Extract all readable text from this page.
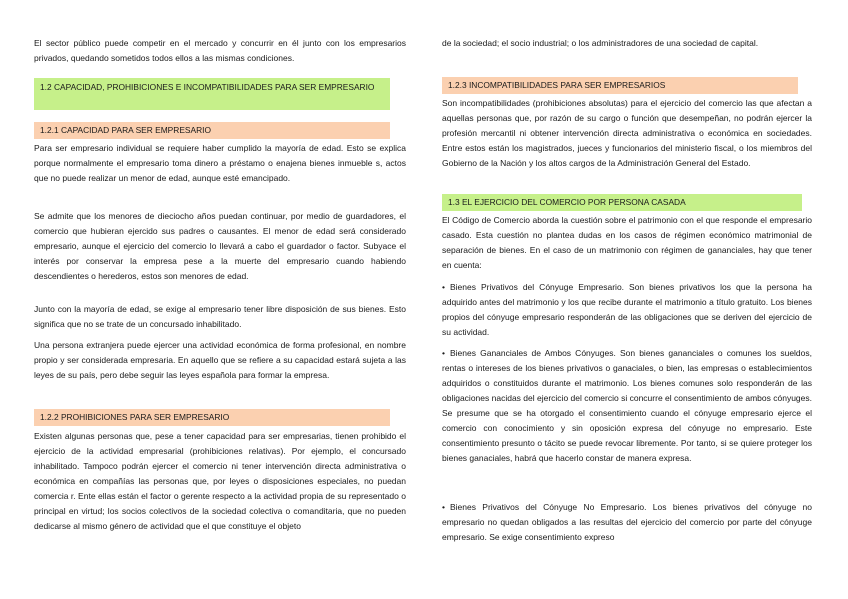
El sector público puede competir en el mercado y concurrir en él junto con los empresarios privados, quedando sometidos todos ellos a las mismas condiciones.

1.2 CAPACIDAD, PROHIBICIONES E INCOMPATIBILIDADES PARA SER EMPRESARIO
1.2.1 CAPACIDAD PARA SER EMPRESARIO

Para ser empresario individual se requiere haber cumplido la mayoría de edad. Esto se explica porque normalmente el empresario toma dinero a préstamo o enajena bienes inmueble s, actos que no puede realizar un menor de edad, aunque esté emancipado.

Se admite que los menores de dieciocho años puedan continuar, por medio de guardadores, el comercio que hubieran ejercido sus padres o causantes. El menor de edad será considerado empresario, aunque el ejercicio del comercio lo llevará a cabo el guardador o factor. Subyace el interés por conservar la empresa pese a la muerte del empresario cuando habiendo descendientes o herederos, estos son menores de edad.

Junto con la mayoría de edad, se exige al empresario tener libre disposición de sus bienes. Esto significa que no se trate de un concursado inhabilitado.

Una persona extranjera puede ejercer una actividad económica de forma profesional, en nombre propio y ser considerada empresaria. En aquello que se refiere a su capacidad estará sujeta a las leyes de su país, pero debe seguir las leyes española para formar la empresa.

1.2.2 PROHIBICIONES PARA SER EMPRESARIO

Existen algunas personas que, pese a tener capacidad para ser empresarias, tienen prohibido el ejercicio de la actividad empresarial (prohibiciones relativas). Por ejemplo, el concursado inhabilitado. Tampoco podrán ejercer el comercio ni tener intervención directa administrativa o económica en compañías las personas que, por leyes o disposiciones especiales, no puedan comercia r. Ente ellas están el factor o gerente respecto a la actividad propia de su representado o principal en virtud; los socios colectivos de la sociedad colectiva o comanditaria, que no pueden dedicarse al mismo género de actividad que el que constituye el objeto

de la sociedad; el socio industrial; o los administradores de una sociedad de capital.

1.2.3 INCOMPATIBILIDADES PARA SER EMPRESARIOS

Son incompatibilidades (prohibiciones absolutas) para el ejercicio del comercio las que afectan a aquellas personas que, por razón de su cargo o función que desempeñan, no podrán ejercer la profesión mercantil ni obtener intervención directa administrativa o económica en sociedades. Entre estos están los magistrados, jueces y funcionarios del ministerio fiscal, o los miembros del Gobierno de la Nación y los altos cargos de la Administración General del Estado.

1.3 EL EJERCICIO DEL COMERCIO POR PERSONA CASADA

El Código de Comercio aborda la cuestión sobre el patrimonio con el que responde el empresario casado. Esta cuestión no plantea dudas en los casos de régimen económico matrimonial de separación de bienes. En el caso de un matrimonio con régimen de gananciales, hay que tener en cuenta:

• Bienes Privativos del Cónyuge Empresario. Son bienes privativos los que la persona ha adquirido antes del matrimonio y los que recibe durante el matrimonio a título gratuito. Los bienes propios del cónyuge empresario responderán de las obligaciones que se deriven del ejercicio de su actividad.

• Bienes Gananciales de Ambos Cónyuges. Son bienes gananciales o comunes los sueldos, rentas o intereses de los bienes privativos o ganaciales, o bien, las empresas o establecimientos adquiridos o constituidos durante el matrimonio. Los bienes comunes solo responderán de las obligaciones nacidas del ejercicio del comercio si concurre el consentimiento de ambos cónyuges. Se presume que se ha otorgado el consentimiento cuando el cónyuge empresario ejerce el comercio con conocimiento y sin oposición expresa del cónyuge no empresario. Este consentimiento presunto o tácito se puede revocar libremente. Por tanto, si se quiere proteger los bienes ganaciales, habrá que hacerlo constar de manera expresa.

• Bienes Privativos del Cónyuge No Empresario. Los bienes privativos del cónyuge no empresario no quedan obligados a las resultas del ejercicio del comercio por parte del cónyuge empresario. Se exige consentimiento expreso
